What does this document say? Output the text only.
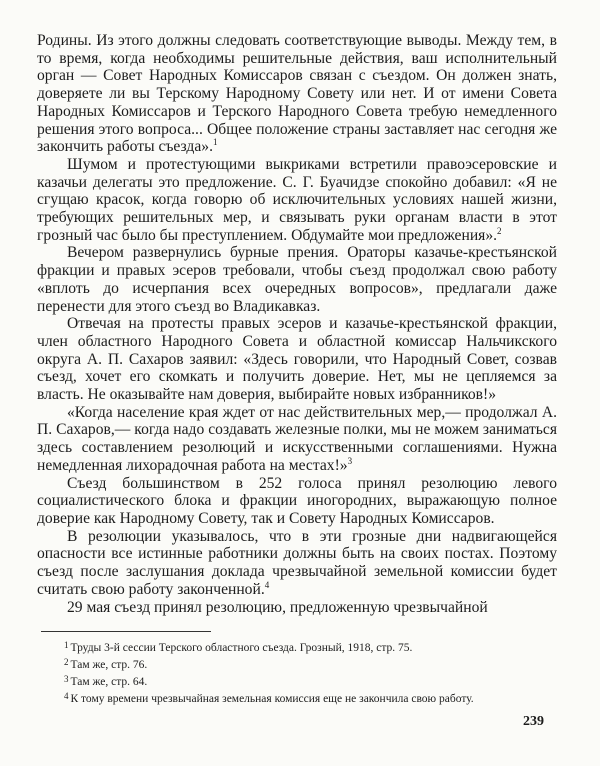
Родины. Из этого должны следовать соответствующие выводы. Между тем, в то время, когда необходимы решительные действия, ваш исполнительный орган — Совет Народных Комиссаров связан с съездом. Он должен знать, доверяете ли вы Терскому Народному Совету или нет. И от имени Совета Народных Комиссаров и Терского Народного Совета требую немедленного решения этого вопроса... Общее положение страны заставляет нас сегодня же закончить работы съезда».$^1$

Шумом и протестующими выкриками встретили правоэсеровские и казачьи делегаты это предложение. С. Г. Буачидзе спокойно добавил: «Я не сгущаю красок, когда говорю об исключительных условиях нашей жизни, требующих решительных мер, и связывать руки органам власти в этот грозный час было бы преступлением. Обдумайте мои предложения».$^2$

Вечером развернулись бурные прения. Ораторы казачье-крестьянской фракции и правых эсеров требовали, чтобы съезд продолжал свою работу «вплоть до исчерпания всех очередных вопросов», предлагали даже перенести для этого съезд во Владикавказ.

Отвечая на протесты правых эсеров и казачье-крестьянской фракции, член областного Народного Совета и областной комиссар Нальчикского округа А. П. Сахаров заявил: «Здесь говорили, что Народный Совет, созвав съезд, хочет его скомкать и получить доверие. Нет, мы не цепляемся за власть. Не оказывайте нам доверия, выбирайте новых избранников!»

«Когда население края ждет от нас действительных мер,— продолжал А. П. Сахаров,— когда надо создавать железные полки, мы не можем заниматься здесь составлением резолюций и искусственными соглашениями. Нужна немедленная лихорадочная работа на местах!»$^3$

Съезд большинством в 252 голоса принял резолюцию левого социалистического блока и фракции иногородних, выражающую полное доверие как Народному Совету, так и Совету Народных Комиссаров.

В резолюции указывалось, что в эти грозные дни надвигающейся опасности все истинные работники должны быть на своих постах. Поэтому съезд после заслушания доклада чрезвычайной земельной комиссии будет считать свою работу законченной.$^4$

29 мая съезд принял резолюцию, предложенную чрезвычайной

$^1$ Труды 3-й сессии Терского областного съезда. Грозный, 1918, стр. 75.

$^2$ Там же, стр. 76.

$^3$ Там же, стр. 64.

$^4$ К тому времени чрезвычайная земельная комиссия еще не закончила свою работу.

239
